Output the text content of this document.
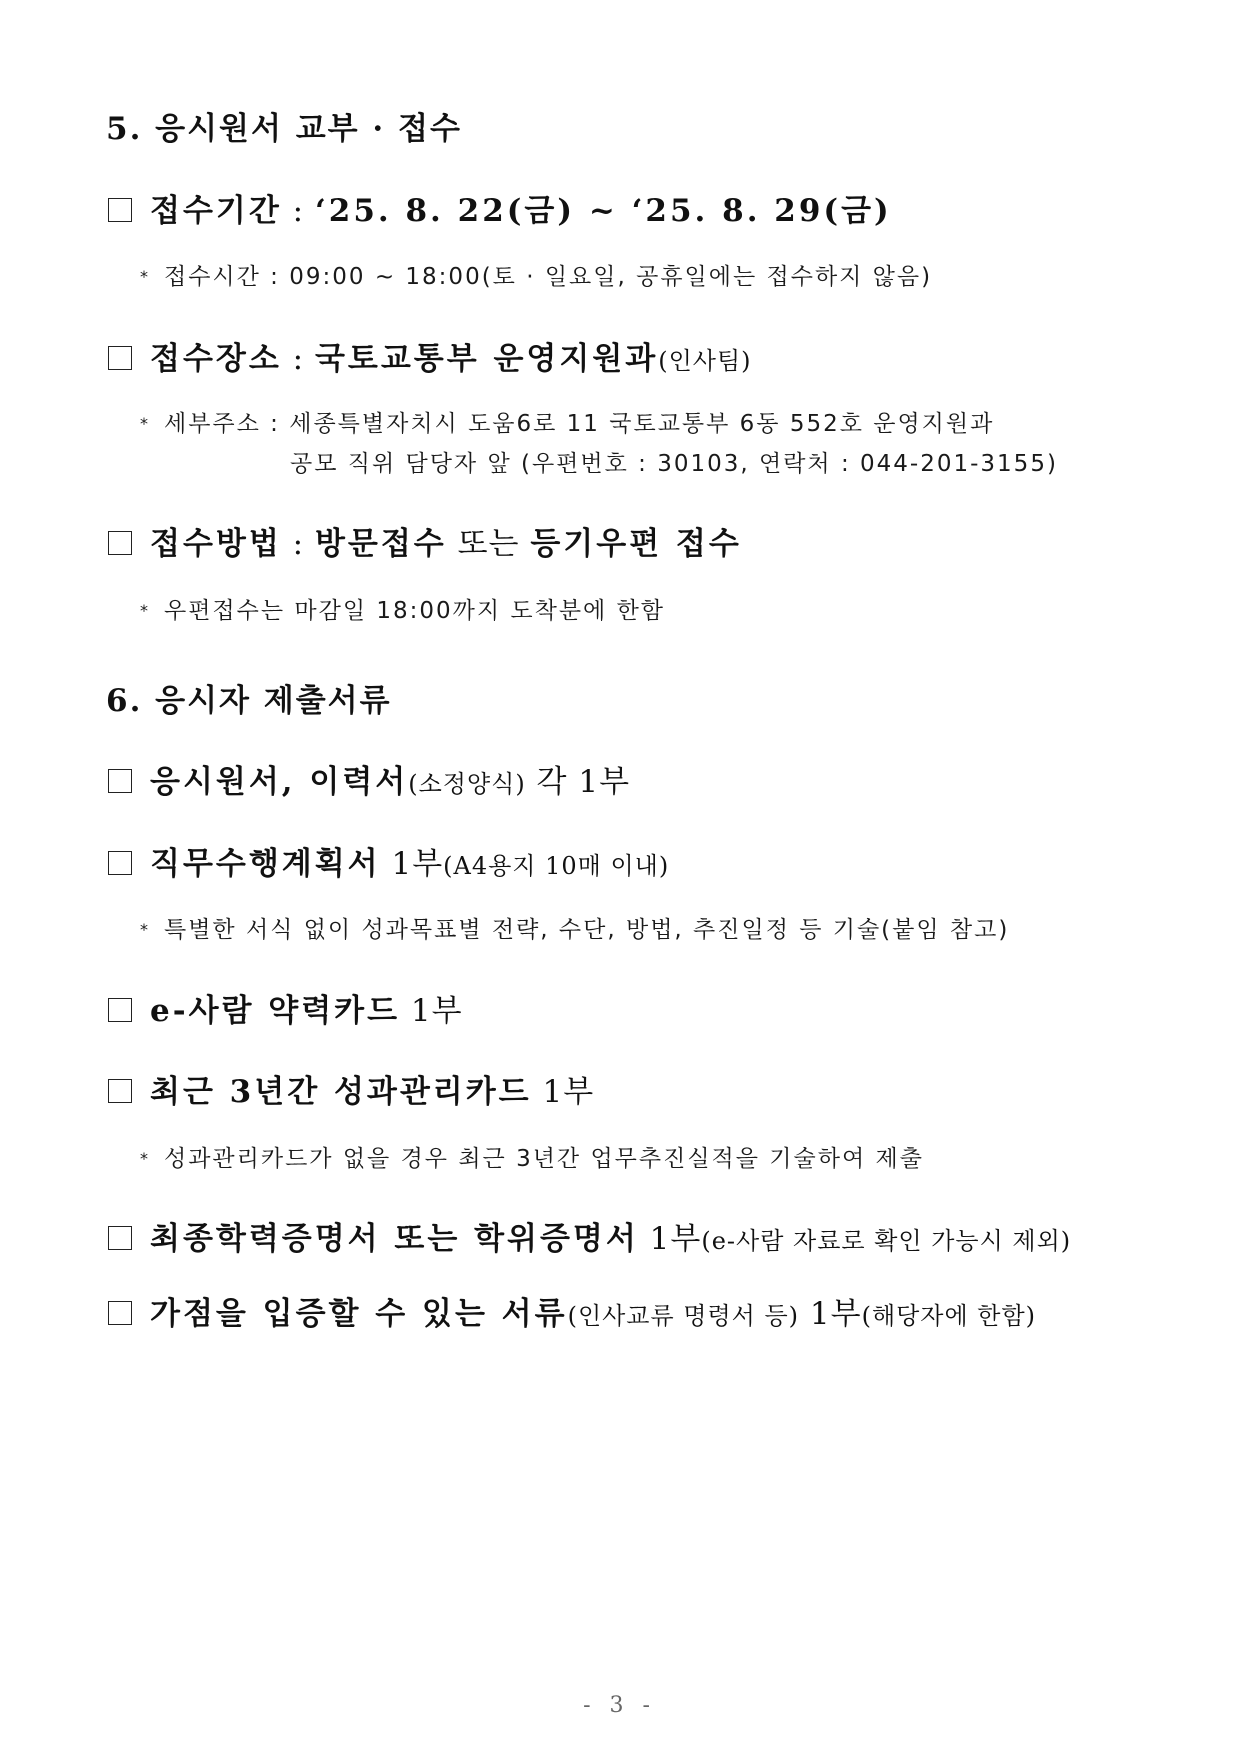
5. 응시원서 교부 · 접수
접수기간 : ‘25. 8. 22(금) ~ ‘25. 8. 29(금)
* 접수시간 : 09:00 ~ 18:00(토 · 일요일, 공휴일에는 접수하지 않음)
접수장소 : 국토교통부 운영지원과(인사팀)
* 세부주소 : 세종특별자치시 도움6로 11 국토교통부 6동 552호 운영지원과
공모 직위 담당자 앞 (우편번호 : 30103, 연락처 : 044-201-3155)
접수방법 : 방문접수 또는 등기우편 접수
* 우편접수는 마감일 18:00까지 도착분에 한함
6. 응시자 제출서류
응시원서, 이력서(소정양식) 각 1부
직무수행계획서 1부(A4용지 10매 이내)
* 특별한 서식 없이 성과목표별 전략, 수단, 방법, 추진일정 등 기술(붙임 참고)
e-사람 약력카드 1부
최근 3년간 성과관리카드 1부
* 성과관리카드가 없을 경우 최근 3년간 업무추진실적을 기술하여 제출
최종학력증명서 또는 학위증명서 1부(e-사람 자료로 확인 가능시 제외)
가점을 입증할 수 있는 서류(인사교류 명령서 등) 1부(해당자에 한함)
- 3 -
